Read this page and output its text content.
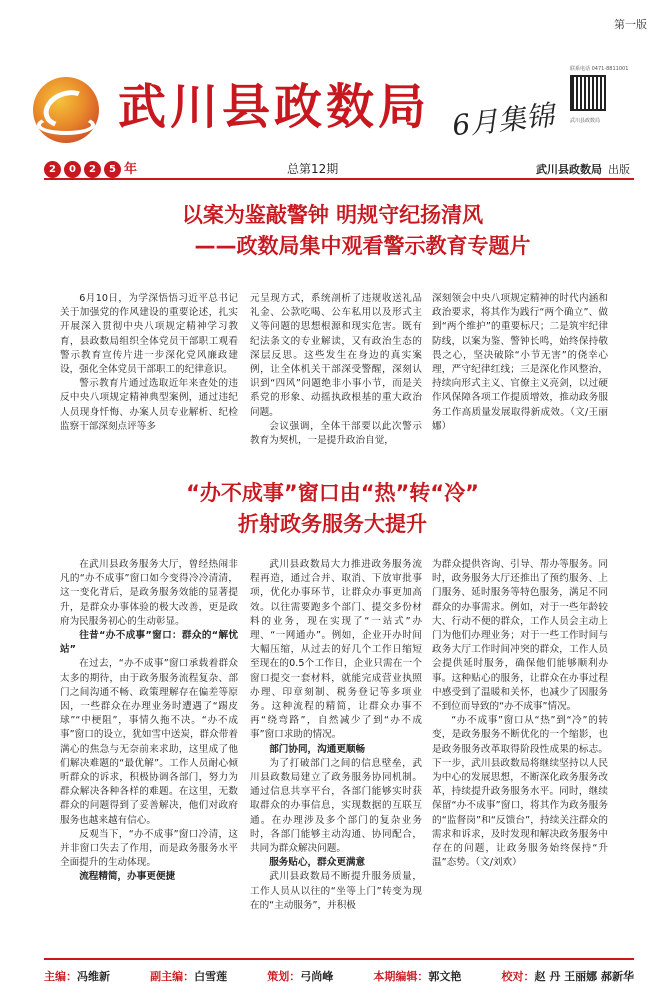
第一版
武川县政数局 6月集锦
联系电话 0471-8811001
武川县政数局
2	0	2	5 年	总第12期	武川县政数局 出版
以案为鉴敲警钟 明规守纪扬清风
——政数局集中观看警示教育专题片

6月10日，为学深悟悟习近平总书记关于加强党的作风建设的重要论述，扎实开展深入贯彻中央八项规定精神学习教育，县政数局组织全体党员干部职工观看警示教育宣传片进一步深化党风廉政建设，强化全体党员干部职工的纪律意识。

警示教育片通过选取近年来查处的违反中央八项规定精神典型案例，通过违纪人员现身忏悔、办案人员专业解析、纪检监察干部深刻点评等多

元呈现方式，系统剖析了违规收送礼品礼金、公款吃喝、公车私用以及形式主义等问题的思想根源和现实危害。既有纪法条文的专业解读，又有政治生态的深层反思。这些发生在身边的真实案例，让全体机关干部深受警醒，深刻认识到“四风”问题绝非小事小节，而是关系党的形象、动摇执政根基的重大政治问题。

会议强调，全体干部要以此次警示教育为契机，一是提升政治自觉，

深刻领会中央八项规定精神的时代内涵和政治要求，将其作为践行“两个确立”、做到“两个维护”的重要标尺；二是筑牢纪律防线，以案为鉴、警钟长鸣，始终保持敬畏之心，坚决破除“小节无害”的侥幸心理，严守纪律红线；三是深化作风整治，持续向形式主义、官僚主义亮剑，以过硬作风保障各项工作提质增效，推动政务服务工作高质量发展取得新成效。（文/王丽娜）

“办不成事”窗口由“热”转“冷”
折射政务服务大提升

在武川县政务服务大厅，曾经热闹非凡的“办不成事”窗口如今变得冷冷清清，这一变化背后，是政务服务效能的显著提升，是群众办事体验的极大改善，更是政府为民服务初心的生动彰显。

往昔“办不成事”窗口：群众的“解忧站”

在过去，“办不成事”窗口承载着群众太多的期待，由于政务服务流程复杂、部门之间沟通不畅、政策理解存在偏差等原因，一些群众在办理业务时遭遇了“踢皮球”“中梗阻”，事情久拖不决。“办不成事”窗口的设立，犹如雪中送炭，群众带着满心的焦急与无奈前来求助，这里成了他们解决难题的“最优解”。工作人员耐心倾听群众的诉求，积极协调各部门，努力为群众解决各种各样的难题。在这里，无数群众的问题得到了妥善解决，他们对政府服务也越来越有信心。

反观当下，“办不成事”窗口冷清，这并非窗口失去了作用，而是政务服务水平全面提升的生动体现。

流程精简，办事更便捷

武川县政数局大力推进政务服务流程再造，通过合并、取消、下放审批事项，优化办事环节，让群众办事更加高效。以往需要跑多个部门、提交多份材料的业务，现在实现了“一站式”办理、“一网通办”。例如，企业开办时间大幅压缩，从过去的好几个工作日缩短至现在的0.5个工作日，企业只需在一个窗口提交一套材料，就能完成营业执照办理、印章刻制、税务登记等多项业务。这种流程的精简，让群众办事不再“绕弯路”，自然减少了到“办不成事”窗口求助的情况。

部门协同，沟通更顺畅

为了打破部门之间的信息壁垒，武川县政数局建立了政务服务协同机制。通过信息共享平台，各部门能够实时获取群众的办事信息，实现数据的互联互通。在办理涉及多个部门的复杂业务时，各部门能够主动沟通、协同配合，共同为群众解决问题。

服务贴心，群众更满意

武川县政数局不断提升服务质量，工作人员从以往的“坐等上门”转变为现在的“主动服务”，并积极

为群众提供咨询、引导、帮办等服务。同时，政务服务大厅还推出了预约服务、上门服务、延时服务等特色服务，满足不同群众的办事需求。例如，对于一些年龄较大、行动不便的群众，工作人员会主动上门为他们办理业务；对于一些工作时间与政务大厅工作时间冲突的群众，工作人员会提供延时服务，确保他们能够顺利办事。这种贴心的服务，让群众在办事过程中感受到了温暖和关怀，也减少了因服务不到位而导致的“办不成事”情况。

“办不成事”窗口从“热”到“冷”的转变，是政务服务不断优化的一个缩影，也是政务服务改革取得阶段性成果的标志。下一步，武川县政数局将继续坚持以人民为中心的发展思想，不断深化政务服务改革，持续提升政务服务水平。同时，继续保留“办不成事”窗口，将其作为政务服务的“监督岗”和“反馈台”，持续关注群众的需求和诉求，及时发现和解决政务服务中存在的问题，让政务服务始终保持“升温”态势。（文/刘欢）

主编：冯维新	副主编：白雪莲	策划：弓尚峰	本期编辑：郭文艳	校对：赵 丹 王丽娜 郝新华
